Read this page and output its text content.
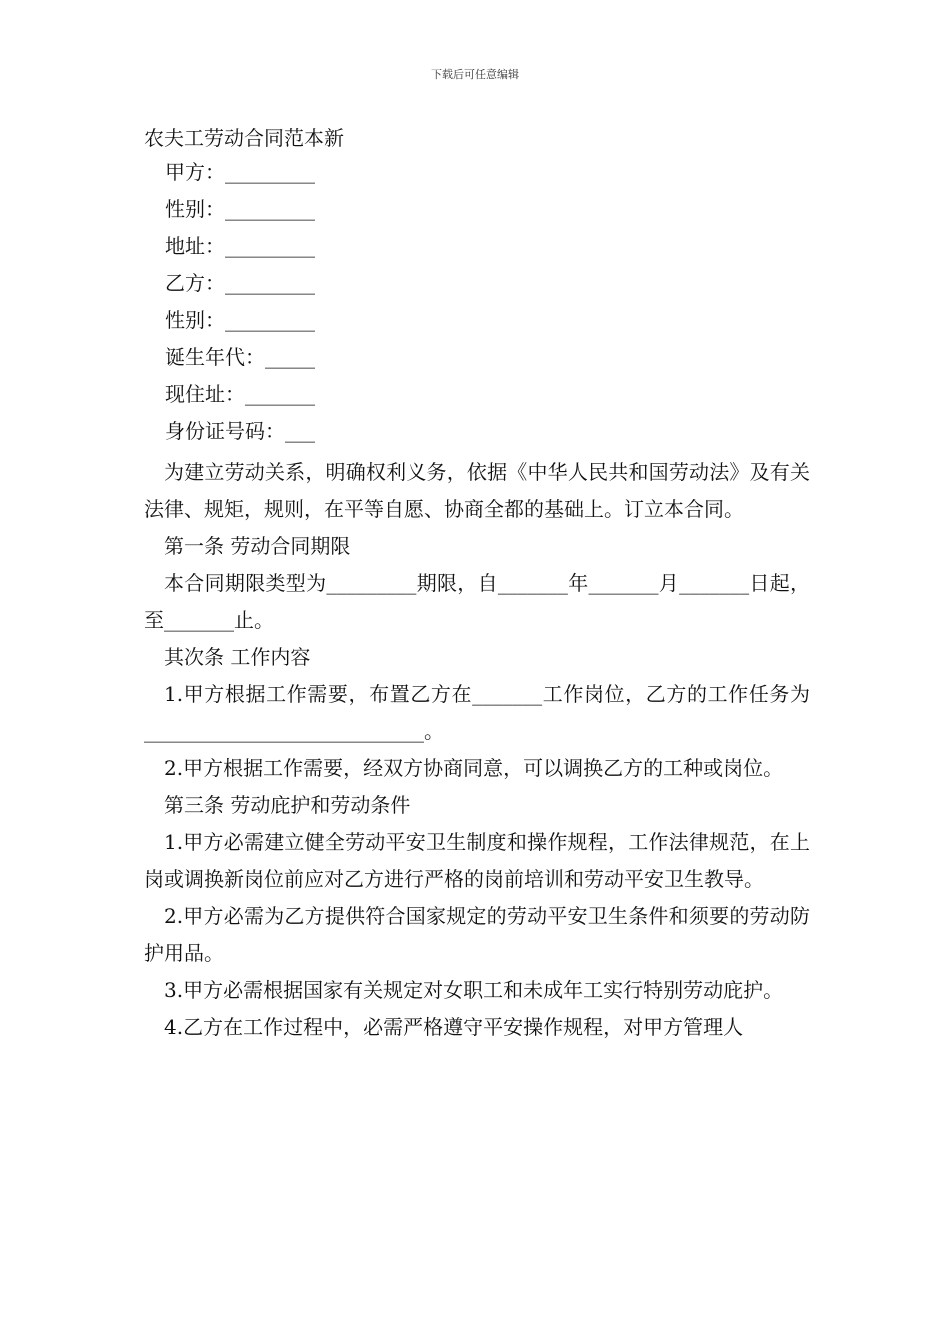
下载后可任意编辑
农夫工劳动合同范本新
甲方：_________
性别：_________
地址：_________
乙方：_________
性别：_________
诞生年代：_____
现住址：_______
身份证号码：___

为建立劳动关系，明确权利义务，依据《中华人民共和国劳动法》及有关法律、规矩，规则，在平等自愿、协商全都的基础上。订立本合同。

第一条 劳动合同期限

本合同期限类型为_________期限，自_______年_______月_______日起，至_______止。

其次条 工作内容

1.甲方根据工作需要，布置乙方在_______工作岗位，乙方的工作任务为____________________________。

2.甲方根据工作需要，经双方协商同意，可以调换乙方的工种或岗位。

第三条 劳动庇护和劳动条件

1.甲方必需建立健全劳动平安卫生制度和操作规程，工作法律规范，在上岗或调换新岗位前应对乙方进行严格的岗前培训和劳动平安卫生教导。

2.甲方必需为乙方提供符合国家规定的劳动平安卫生条件和须要的劳动防护用品。

3.甲方必需根据国家有关规定对女职工和未成年工实行特别劳动庇护。

4.乙方在工作过程中，必需严格遵守平安操作规程，对甲方管理人
